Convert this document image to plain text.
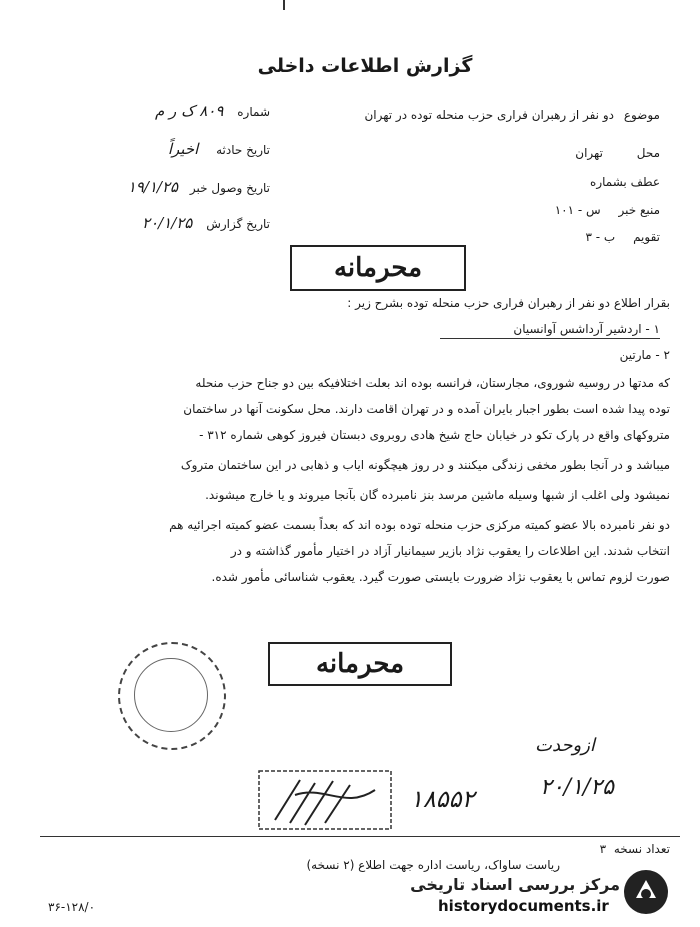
گزارش اطلاعات داخلی
شماره ۸۰۹ ک ر م
تاریخ حادثه اخیراً
تاریخ وصول خبر ۱۹/۱/۲۵
تاریخ گزارش ۲۰/۱/۲۵
موضوع دو نفر از رهبران فراری حزب منحله توده در تهران
محل تهران
عطف بشماره
منبع خبر س - ۱۰۱
تقویم ب - ۳
محرمانه
بقرار اطلاع دو نفر از رهبران فراری حزب منحله توده بشرح زیر :
۱ - اردشیر آرداشس آوانسیان
۲ - مارتین
که مدتها در روسیه شوروی، مجارستان، فرانسه بوده اند بعلت اختلافیکه بین دو جناح حزب منحله
توده پیدا شده است بطور اجبار بایران آمده و در تهران اقامت دارند. محل سکونت آنها در ساختمان
متروکهای واقع در پارک تکو در خیابان حاج شیخ هادی روبروی دبستان فیروز کوهی شماره ۳۱۲ -
میباشد و در آنجا بطور مخفی زندگی میکنند و در روز هیچگونه ایاب و ذهابی در این ساختمان متروک
نمیشود ولی اغلب از شبها وسیله ماشین مرسد بنز نامبرده گان بآنجا میروند و یا خارج میشوند.
دو نفر نامبرده بالا عضو کمیته مرکزی حزب منحله توده بوده اند که بعداً بسمت عضو کمیته اجرائیه هم
انتخاب شدند. این اطلاعات را یعقوب نژاد بازیر سیمانیار آزاد در اختیار مأمور گذاشته و در
صورت لزوم تماس با یعقوب نژاد ضرورت بایستی صورت گیرد. یعقوب شناسائی مأمور شده.
محرمانه
ازوحدت
۲۰/۱/۲۵
۱۸۵۵۲
تعداد نسخه ۳
ریاست ساواک، ریاست اداره جهت اطلاع (۲ نسخه)
۳۶-۱۲۸/۰
مرکز بررسی اسناد تاریخی
historydocuments.ir
